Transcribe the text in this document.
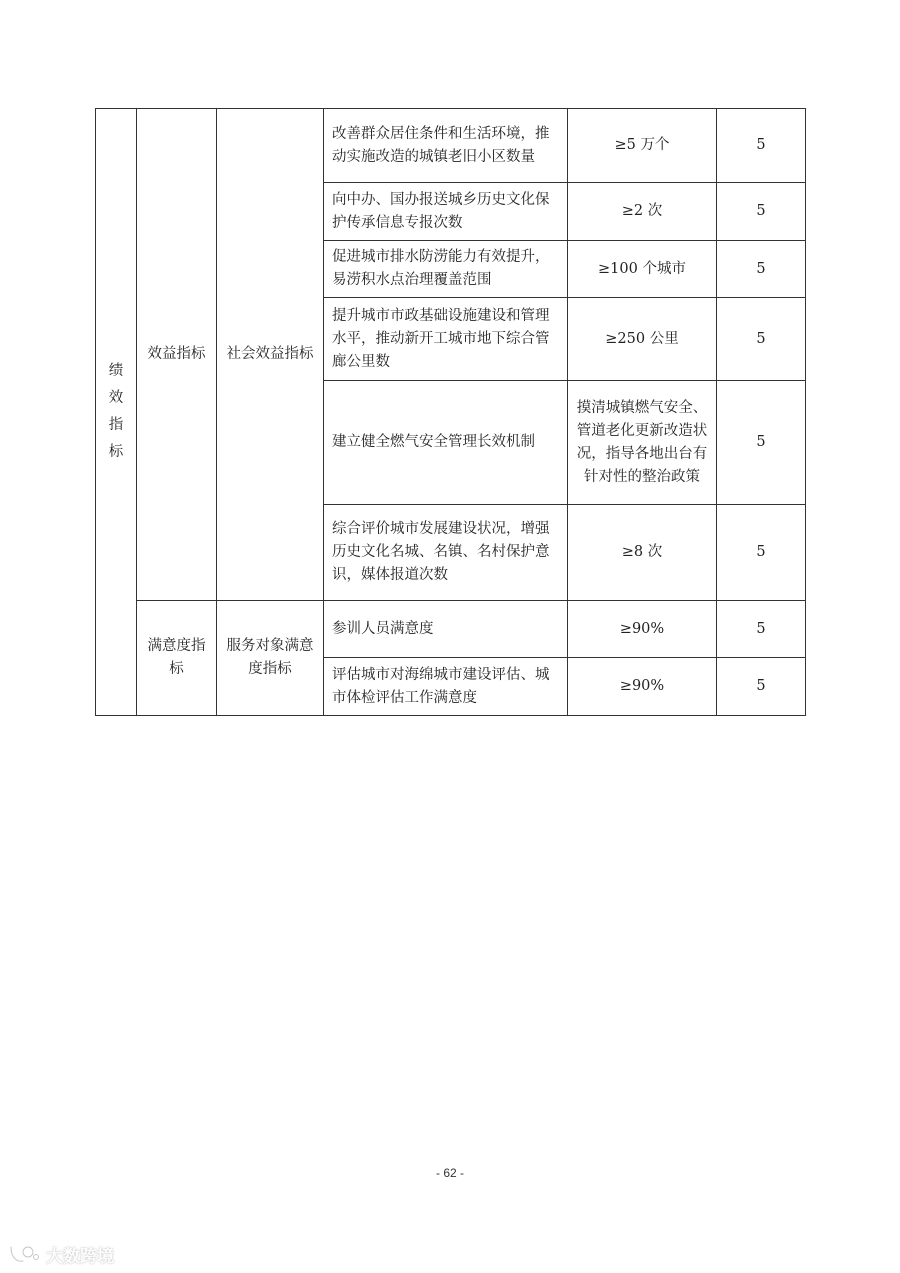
绩效指标	效益指标	社会效益指标	改善群众居住条件和生活环境，推动实施改造的城镇老旧小区数量	≥5 万个	5
			向中办、国办报送城乡历史文化保护传承信息专报次数	≥2 次	5
			促进城市排水防涝能力有效提升，易涝积水点治理覆盖范围	≥100 个城市	5
			提升城市市政基础设施建设和管理水平，推动新开工城市地下综合管廊公里数	≥250 公里	5
			建立健全燃气安全管理长效机制	摸清城镇燃气安全、管道老化更新改造状况，指导各地出台有针对性的整治政策	5
			综合评价城市发展建设状况，增强历史文化名城、名镇、名村保护意识，媒体报道次数	≥8 次	5
	满意度指标	服务对象满意度指标	参训人员满意度	≥90%	5
			评估城市对海绵城市建设评估、城市体检评估工作满意度	≥90%	5
- 62 -
大数跨境
